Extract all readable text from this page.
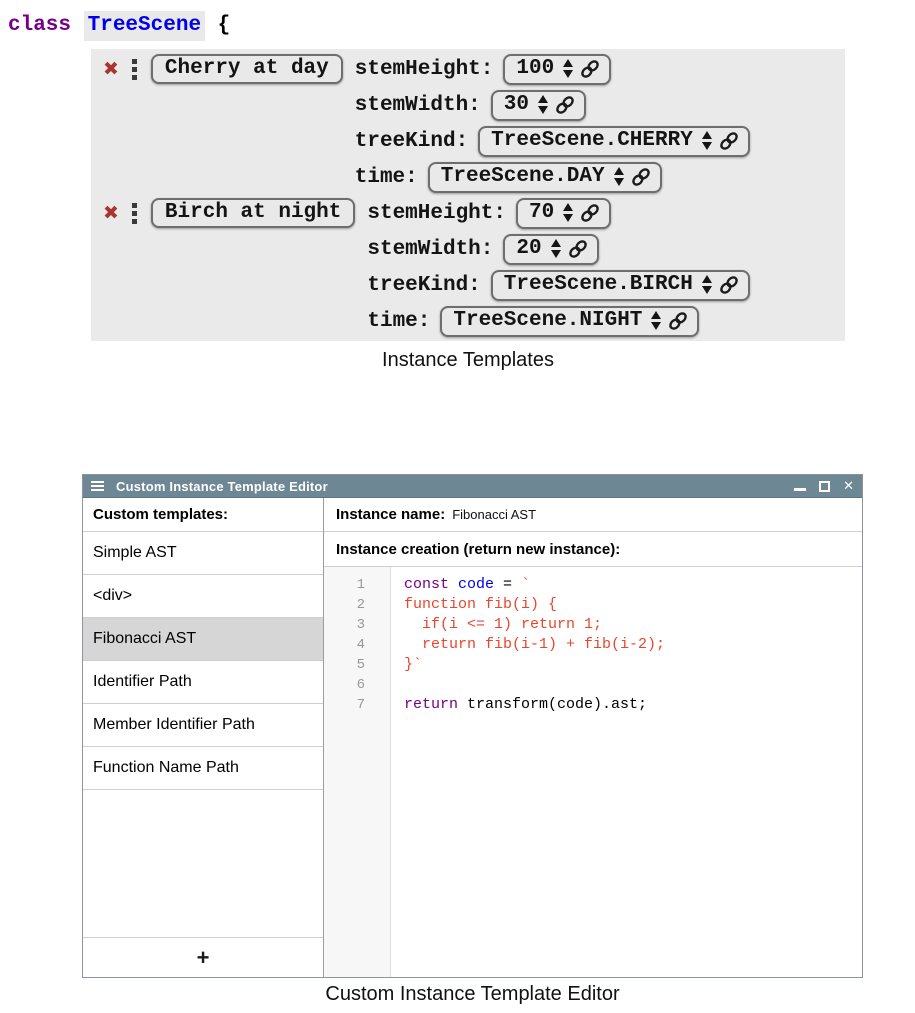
class TreeScene {
✖	Cherry at day	stemHeight: 100
stemWidth: 30
treeKind: TreeScene.CHERRY
time: TreeScene.DAY
✖	Birch at night	stemHeight: 70
stemWidth: 20
treeKind: TreeScene.BIRCH
time: TreeScene.NIGHT
Instance Templates
Custom Instance Template Editor	✕
Custom templates:
Simple AST
<div>
Fibonacci AST
Identifier Path
Member Identifier Path
Function Name Path
+
Instance name: Fibonacci AST
Instance creation (return new instance):
1
2
3
4
5
6
7
const code = `
function fib(i) {
if(i <= 1) return 1;
return fib(i-1) + fib(i-2);
}`
return transform(code).ast;
Custom Instance Template Editor
